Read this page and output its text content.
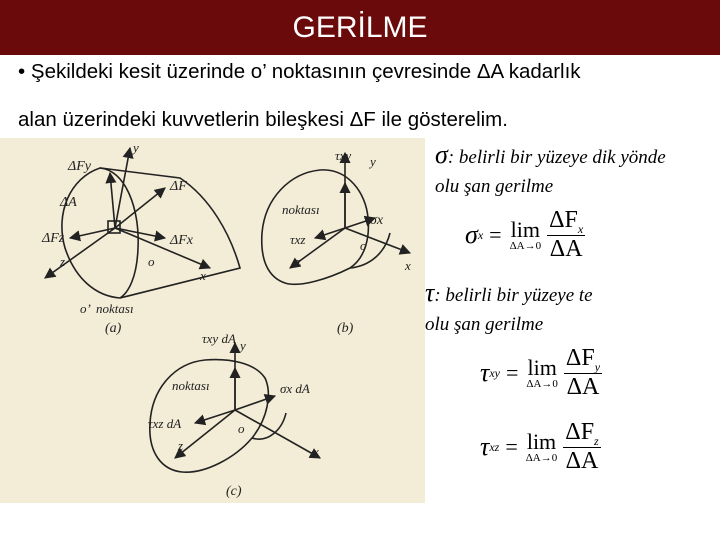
GERİLME
• Şekildeki kesit üzerinde o’ noktasının çevresinde ΔA kadarlık
alan üzerindeki kuvvetlerin bileşkesi ΔF ile gösterelim.
ΔFy
ΔA
ΔF
ΔFz	ΔFx
y
z
x
o
o’ noktası
(a)
τxy y
noktası
σx
τxz	o
z	x
(b)
τxy dA y
noktası	σx dA
τxz dA	o
z	x
(c)
σ: belirli bir yüzeye dik yönde
olu şan gerilme
σ x = lim
$\Delta A\to 0 \frac{\Delta F_x}{\Delta A}$
τ: belirli bir yüzeye te
olu şan gerilme
τ xy = lim
$\Delta A\to 0 \frac{\Delta F_y}{\Delta A}$
τ xz = lim
$\Delta A\to 0 \frac{\Delta F_z}{\Delta A}$
